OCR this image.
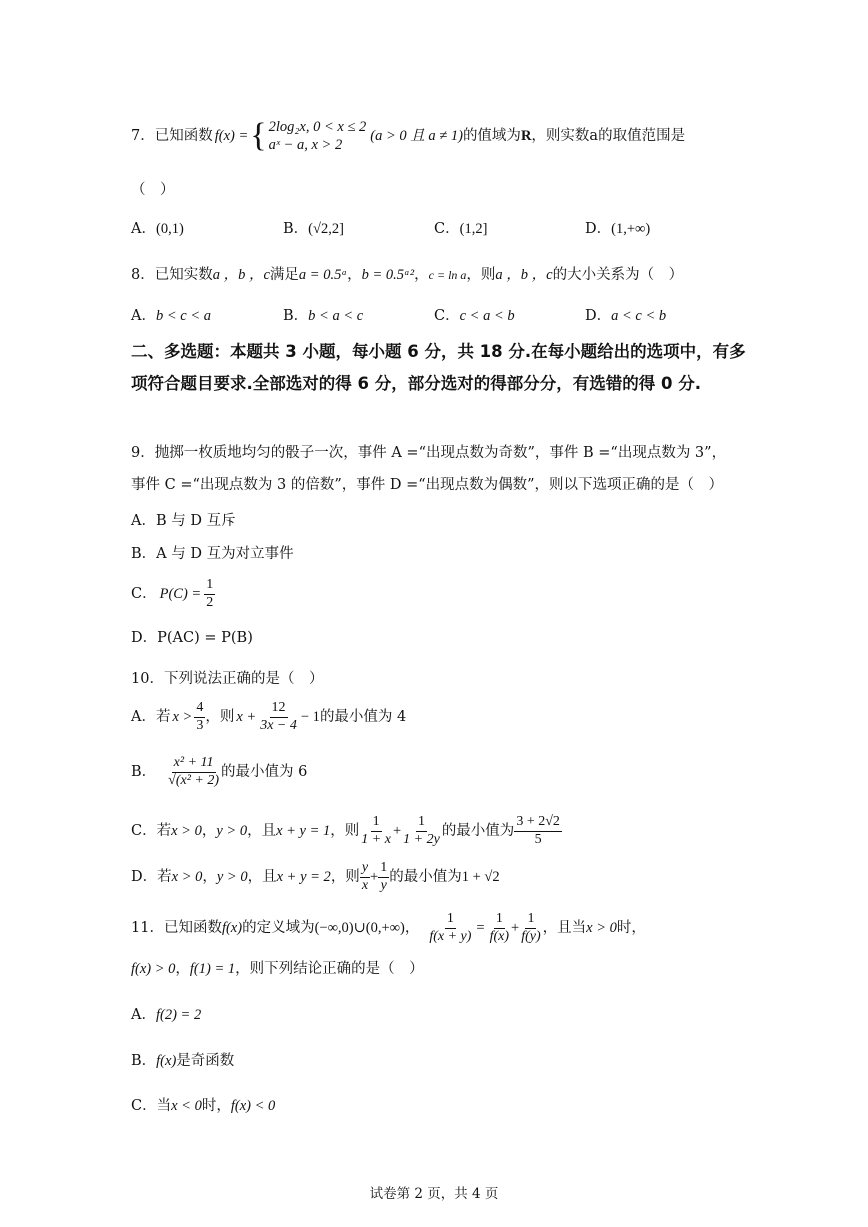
7．已知函数 f(x) = { 2log₂x, 0 < x ≤ 2
aˣ − a, x > 2
(a > 0 且 a ≠ 1) 的值域为 R ，则实数a的取值范围是
（　）
A．(0,1)	B．(√2,2]	C．(1,2]	D．(1,+∞)
8．已知实数a ，b ，c满足a = 0.5ᵃ，b = 0.5ᵃ²，c = ln a，则a ，b ，c的大小关系为（　）
A．b < c < a	B．b < a < c	C．c < a < b	D．a < c < b
二、多选题：本题共 3 小题，每小题 6 分，共 18 分.在每小题给出的选项中，有多项符合题目要求.全部选对的得 6 分，部分选对的得部分分，有选错的得 0 分.
9．抛掷一枚质地均匀的骰子一次，事件 A =“出现点数为奇数”，事件 B =“出现点数为 3”，
事件 C =“出现点数为 3 的倍数”，事件 D =“出现点数为偶数”，则以下选项正确的是（　）
A．B 与 D 互斥
B．A 与 D 互为对立事件
C． $P(C) = \frac{1}{2}$
D．P(AC) = P(B)
10．下列说法正确的是（　）
A．若 $x > \frac{4}{3}$ ，则 $x + \frac{12}{3x - 4} - 1$ 的最小值为 4
B． $\frac{\text{x² + 11}}{\text{√(x² + 2)}}$ 的最小值为 6
C．若 x > 0 ， y > 0 ，且 x + y = 1 ，则 $\frac{1}{1 + x} + \frac{1}{1 + 2y}$ 的最小值为 $\frac{3 + 2√2}{5}$
D．若 x > 0 ， y > 0 ，且 x + y = 2 ，则 $\frac{y}{x} + \frac{1}{y}$ 的最小值为 1 + √2
11．已知函数 f(x) 的定义域为 (−∞,0)∪(0,+∞) ， $\frac{1}{f(x + y)} = \frac{1}{f(x)} + \frac{1}{f(y)}$ ，且当 x > 0 时，
f(x) > 0，f(1) = 1，则下列结论正确的是（　）
A．f(2) = 2
B．f(x)是奇函数
C．当x < 0时，f(x) < 0
试卷第 2 页，共 4 页
